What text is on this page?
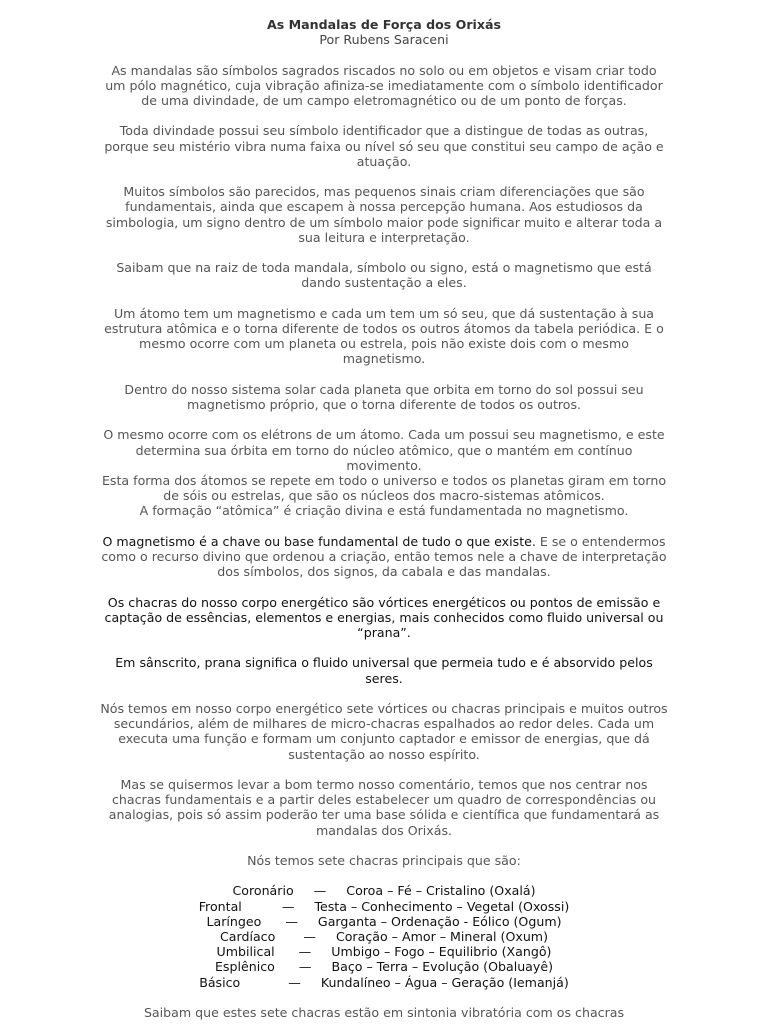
As Mandalas de Força dos Orixás
Por Rubens Saraceni

As mandalas são símbolos sagrados riscados no solo ou em objetos e visam criar todo um pólo magnético, cuja vibração afiniza-se imediatamente com o símbolo identificador de uma divindade, de um campo eletromagnético ou de um ponto de forças.

Toda divindade possui seu símbolo identificador que a distingue de todas as outras, porque seu mistério vibra numa faixa ou nível só seu que constitui seu campo de ação e atuação.

Muitos símbolos são parecidos, mas pequenos sinais criam diferenciações que são fundamentais, ainda que escapem à nossa percepção humana. Aos estudiosos da simbologia, um signo dentro de um símbolo maior pode significar muito e alterar toda a sua leitura e interpretação.

Saibam que na raiz de toda mandala, símbolo ou signo, está o magnetismo que está dando sustentação a eles.

Um átomo tem um magnetismo e cada um tem um só seu, que dá sustentação à sua estrutura atômica e o torna diferente de todos os outros átomos da tabela periódica. E o mesmo ocorre com um planeta ou estrela, pois não existe dois com o mesmo magnetismo.

Dentro do nosso sistema solar cada planeta que orbita em torno do sol possui seu magnetismo próprio, que o torna diferente de todos os outros.

O mesmo ocorre com os elétrons de um átomo. Cada um possui seu magnetismo, e este determina sua órbita em torno do núcleo atômico, que o mantém em contínuo movimento.

Esta forma dos átomos se repete em todo o universo e todos os planetas giram em torno de sóis ou estrelas, que são os núcleos dos macro-sistemas atômicos.

A formação “atômica” é criação divina e está fundamentada no magnetismo.

O magnetismo é a chave ou base fundamental de tudo o que existe. E se o entendermos como o recurso divino que ordenou a criação, então temos nele a chave de interpretação dos símbolos, dos signos, da cabala e das mandalas.

Os chacras do nosso corpo energético são vórtices energéticos ou pontos de emissão e captação de essências, elementos e energias, mais conhecidos como fluido universal ou “prana”.

Em sânscrito, prana significa o fluido universal que permeia tudo e é absorvido pelos seres.

Nós temos em nosso corpo energético sete vórtices ou chacras principais e muitos outros secundários, além de milhares de micro-chacras espalhados ao redor deles. Cada um executa uma função e formam um conjunto captador e emissor de energias, que dá sustentação ao nosso espírito.

Mas se quisermos levar a bom termo nosso comentário, temos que nos centrar nos chacras fundamentais e a partir deles estabelecer um quadro de correspondências ou analogias, pois só assim poderão ter uma base sólida e científica que fundamentará as mandalas dos Orixás.

Nós temos sete chacras principais que são:

Coronário     —     Coroa – Fé – Cristalino (Oxalá)
Frontal          —     Testa – Conhecimento – Vegetal (Oxossi)
Laríngeo      —     Garganta – Ordenação - Eólico (Ogum)
Cardíaco       —     Coração – Amor – Mineral (Oxum)
Umbilical      —     Umbigo – Fogo – Equilibrio (Xangô)
Esplênico      —     Baço – Terra – Evolução (Obaluayê)
Básico            —     Kundalíneo – Água – Geração (Iemanjá)

Saibam que estes sete chacras estão em sintonia vibratória com os chacras
